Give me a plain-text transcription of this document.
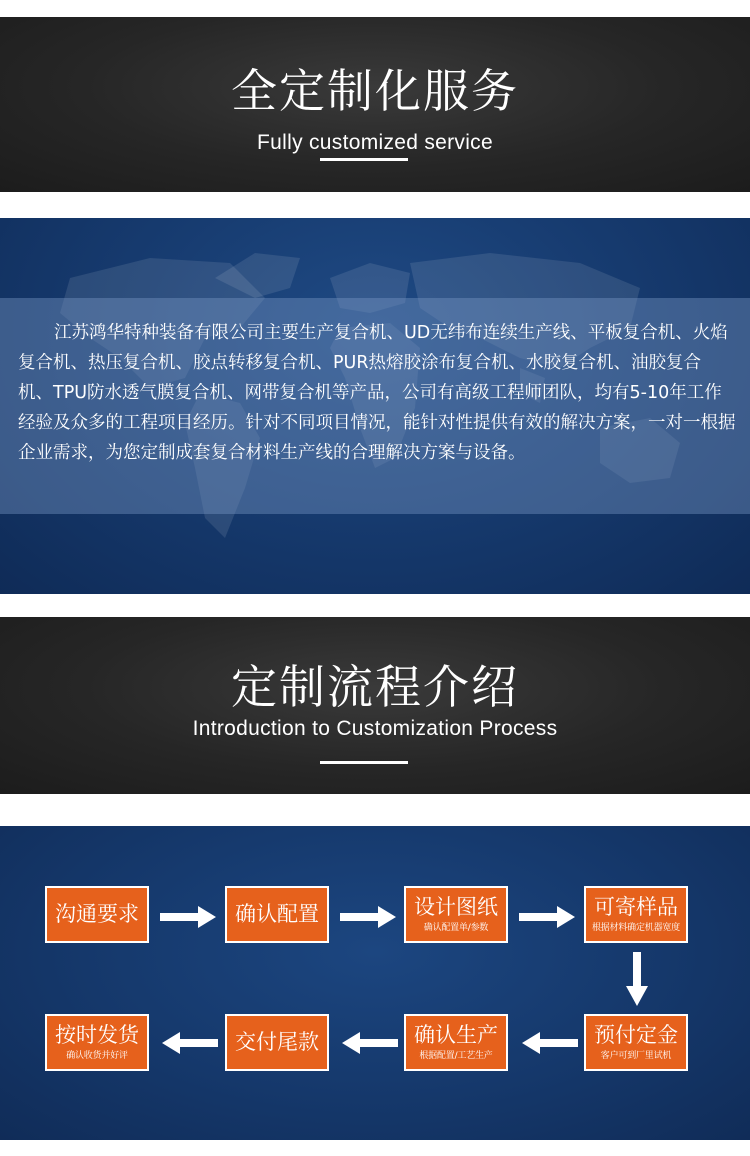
全定制化服务
Fully customized service

江苏鸿华特种装备有限公司主要生产复合机、UD无纬布连续生产线、平板复合机、火焰复合机、热压复合机、胶点转移复合机、PUR热熔胶涂布复合机、水胶复合机、油胶复合机、TPU防水透气膜复合机、网带复合机等产品，公司有高级工程师团队，均有5-10年工作经验及众多的工程项目经历。针对不同项目情况，能针对性提供有效的解决方案，一对一根据企业需求，为您定制成套复合材料生产线的合理解决方案与设备。

定制流程介绍
Introduction to Customization Process
沟通要求	确认配置	设计图纸
确认配置单/参数
可寄样品
根据材料确定机器宽度
预付定金
客户可到厂里试机
确认生产
根据配置/工艺生产
交付尾款
按时发货
确认收货并好评
